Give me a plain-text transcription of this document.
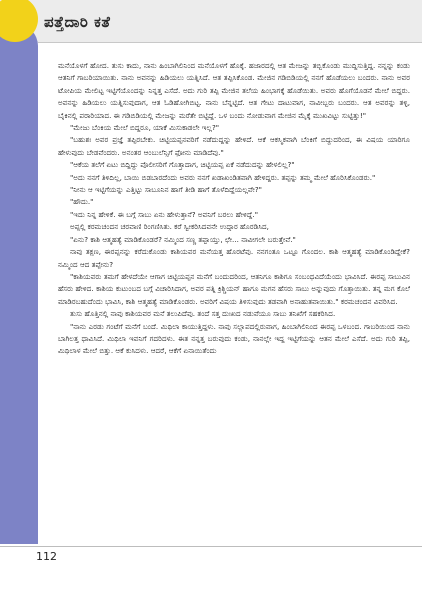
ಪತ್ತೆದಾರಿ ಕತೆ

ಮನೆಯೊಳಗೆ ಹೋದ. ತುಸು ಕಾದು, ನಾನು ಹಿಂಬಾಗಿಲಿನಿಂದ ಮನೆಯೊಳಗೆ ಹೊಕ್ಕೆ. ಹಜಾರದಲ್ಲಿ ಆತ ಮೇಜನ್ನು ತಬ್ಬಿಕೊಂಡು ಮುದ್ದಿಸುತ್ತಿದ್ದ. ನನ್ನನ್ನು ಕಂಡು ಆತನಿಗೆ ಗಾಬರಿಯಾಯಿತು. ನಾನು ಅವನನ್ನು ಹಿಡಿಯಲು ಯತ್ನಿಸಿದೆ. ಆತ ತಪ್ಪಿಸಿಕೊಂಡ. ಮೇಜಿನ ಗಡಿಬಿಡಿಯಲ್ಲಿ ನನಗೆ ಹೊಡೆಯಲು ಬಂದರು. ನಾನು ಅವರ ಟೋಪಿಯ ಮೇಲಿಟ್ಟ ಇಟ್ಟಿಗೆಯೊಂದನ್ನು ನಿನ್ನತ್ತ ಎಸೆದೆ. ಅದು ಗುರಿ ತಪ್ಪಿ ಮೇಜಿನ ತಲೆಯ ಹಿಂಭಾಗಕ್ಕೆ ಹೊಡೆಯಿತು. ಅವರು ಹೊಗೆಯೊಡನೆ ಮೇಲೆ ಬಿದ್ದರು. ಅವನನ್ನು ಹಿಡಿಯಲು ಯತ್ನಿಸುವುದಾಗ, ಆತ ಓಡಿಹೋಗಿಬಿಟ್ಟ. ನಾನು ಬೆನ್ನಟ್ಟಿದೆ. ಆತ ಗೇಟು ದಾಟುವಾಗ, ನಾವೀಬ್ಬರು ಬಂದರು. ಆತ ಅವರನ್ನು ತಳ್ಳಿ, ಬೈಕಿನಲ್ಲಿ ಪರಾರಿಯಾದ. ಈ ಗಡಿಬಿಡಿಯಲ್ಲಿ ಮೇಜನ್ನು ಮರೆತೇ ಬಿಟ್ಟಿದ್ದೆ. ಒಳ ಬಂದು ನೋಡುವಾಗ ಮೇಜಿನ ಮೈಕ್ಕೆ ಮುಖವಿಟ್ಟು ಸುಟ್ಟಿತ್ತು!"

"ಮೇಜು ಬೆಂಕಿಯ ಮೇಲೆ ಬಿದ್ದರೂ, ಯಾಕೆ ಮಿಸುಕಾಡಲೇ ಇಲ್ಲ?"

"ಬಹುಶಃ ಅವರ ಪ್ರಜ್ಞೆ ತಪ್ಪಿರಬೇಕು. ಚಿಟ್ಟಿಯಪ್ಪನವರಿಗೆ ನಡೆದುದ್ದನ್ನು ಹೇಳಿದೆ. ಆಕೆ ಆಕಸ್ಮಿಕವಾಗಿ ಬೆಂಕಿಗೆ ಬಿದ್ದುದರಿಂದ, ಈ ವಿಷಯ ಯಾರಿಗೂ ಹೇಳುವುದು ಬೇಡವೆಂದರು. ಅನಂತರ ಆಂಬುಲೆನ್ಸಿಗೆ ಫೋನು ಮಾಡಿದೆವು."

"ಆಕೆಯ ತಲೆಗೆ ಏಟು ಬಿದ್ದಿದ್ದು ಪೊಲೀಸರಿಗೆ ಗೊತ್ತಾದಾಗ, ಚಿಟ್ಟಿಯಪ್ಪ ಏಕೆ ನಡೆದುದನ್ನು ಹೇಳಲಿಲ್ಲ?"

"ಅದು ನನಗೆ ತಿಳಿದಿಲ್ಲ, ಬಾಯಿ ಬಿಡಬಾರದೆಂದು ಅವರು ನನಗೆ ಖಡಾಖಂಡಿತವಾಗಿ ಹೇಳಿದ್ದರು. ತಪ್ಪನ್ನು ತಮ್ಮ ಮೇಲೆ ಹೊರಿಸಿಕೊಂಡರು."

"ನೀನು ಆ ಇಟ್ಟಿಗೆಯನ್ನು ಎತ್ತಿಟ್ಟು ಸಾಬೂನಿನ ಹಾಗೆ ತೀಡಿ ಹಾಗೆ ತೊಳೆದಿದ್ದೆಯಲ್ಲವೇ?"

"ಹೌದು."

"ಇದು ನಿನ್ನ ಹೇಳಿಕೆ. ಈ ಬಗ್ಗೆ ಸಾಬು ಏನು ಹೇಳುತ್ತಾನೆ? ಅವನಿಗೆ ಬರಲು ಹೇಳಿದ್ದೆ."

ಅಪ್ಪಲ್ಲಿ ಕರಮಚಂದನ ಚರವಾಣಿ ರಿಂಗಣಿಸಿತು. ಕರೆ ಸ್ವೀಕರಿಸಿದವನೇ ಉದ್ಗಾರ ಹೊರಡಿಸಿದ,

"ಏನು? ಕಾಶಿ ಆತ್ಮಹತ್ಯೆ ಮಾಡಿಕೊಂಡರೆ? ನಮ್ಮಿಂದ ಸಣ್ಣ ತಪ್ಪಾಯ್ತು, ಛೇ... ನಾವೀಗಲೇ ಬರುತ್ತೇವೆ."

ನಾವು ತಕ್ಷಣ, ಈರಪ್ಪನನ್ನು ಕರೆದುಕೊಂಡು ಕಾಶಿಯವರ ಮನೆಯತ್ತ ಹೊರಟೆವು. ನನಗಂತೂ ಒಟ್ಟೂ ಗೊಂದಲ. ಕಾಶಿ ಆತ್ಮಹತ್ಯೆ ಮಾಡಿಕೊಂಡಿದ್ದೇಕೆ? ನಮ್ಮಿಂದ ಆದ ತಪ್ಪೇನು?

"ಕಾಶಿಯವರು ತಮಗೆ ಹೇಳದೆಯೇ ಆಗಾಗ ಚಿಟ್ಟಿಯಪ್ಪನ ಮನೆಗೆ ಬಂದುದರಿಂದ, ಆತನಿಗೂ ಕಾಶಿಗೂ ಸಂಬಂಧವಿದೆಯೆಂದು ಭಾವಿಸಿದೆ. ಈರಪ್ಪ ಸಾಬುವಿನ ಹೆಸರು ಹೇಳಿದ. ಕಾಶಿಯ ಕುಟುಂಬದ ಬಗ್ಗೆ ವಿಚಾರಿಸಿದಾಗ, ಅವರ ಪತ್ನಿ ಕ್ರಿಶ್ಚಿಯನ್ ಹಾಗೂ ಮಗನ ಹೆಸರು ಸಾಬು ಅನ್ನುವುದು ಗೊತ್ತಾಯಿತು. ತನ್ನ ಮಗ ಕೊಲೆ ಮಾಡಿರಬಹುದೆಂದು ಭಾವಿಸಿ, ಕಾಶಿ ಆತ್ಮಹತ್ಯೆ ಮಾಡಿಕೊಂಡರು. ಅವರಿಗೆ ವಿಷಯ ತಿಳಿಸುವುದು ತಡವಾಗಿ ಅನಾಹುತವಾಯಿತು." ಕರಮಚಂದನ ವಿವರಿಸಿದ.

ತುಸು ಹೊತ್ತಿನಲ್ಲಿ ನಾವು ಕಾಶಿಯವರ ಮನೆ ತಲುಪಿದೆವು. ತಂದೆ ಸತ್ತ ದುಃಖದ ನಡುವೆಯೂ ಸಾಬು ತನಿಖೆಗೆ ಸಹಕರಿಸಿದ.

"ನಾನು ಎರಡು ಗಂಟೆಗೆ ಮನೆಗೆ ಬಂದೆ. ಮಿಥಿಲಾ ಕಾಯುತ್ತಿದ್ದಳು. ನಾವು ಸಲ್ಲಾಪದಲ್ಲಿರುವಾಗ, ಹಿಂಬಾಗಿಲಿನಿಂದ ಈರಪ್ಪ ಒಳಬಂದ. ಗಾಬರಿಯಿಂದ ನಾನು ಬಾಗಿಲತ್ತ ಧಾವಿಸಿದೆ. ಮಿಥಿಲಾ ಇವನಿಗೆ ಗದರಿದಳು. ಈತ ನನ್ನತ್ತ ಬರುವುದು ಕಂಡು, ನಾನಲ್ಲೇ ಇದ್ದ ಇಟ್ಟಿಗೆಯನ್ನು ಆತನ ಮೇಲೆ ಎಸೆದೆ. ಅದು ಗುರಿ ತಪ್ಪಿ, ಮಿಥಿಲಾಳ ಮೇಲೆ ಬಿತ್ತು. ಆಕೆ ಕುಸಿದಳು. ಆದರೆ, ಆಕೆಗೆ ಏನಾಯಿತೆಂದು

112
